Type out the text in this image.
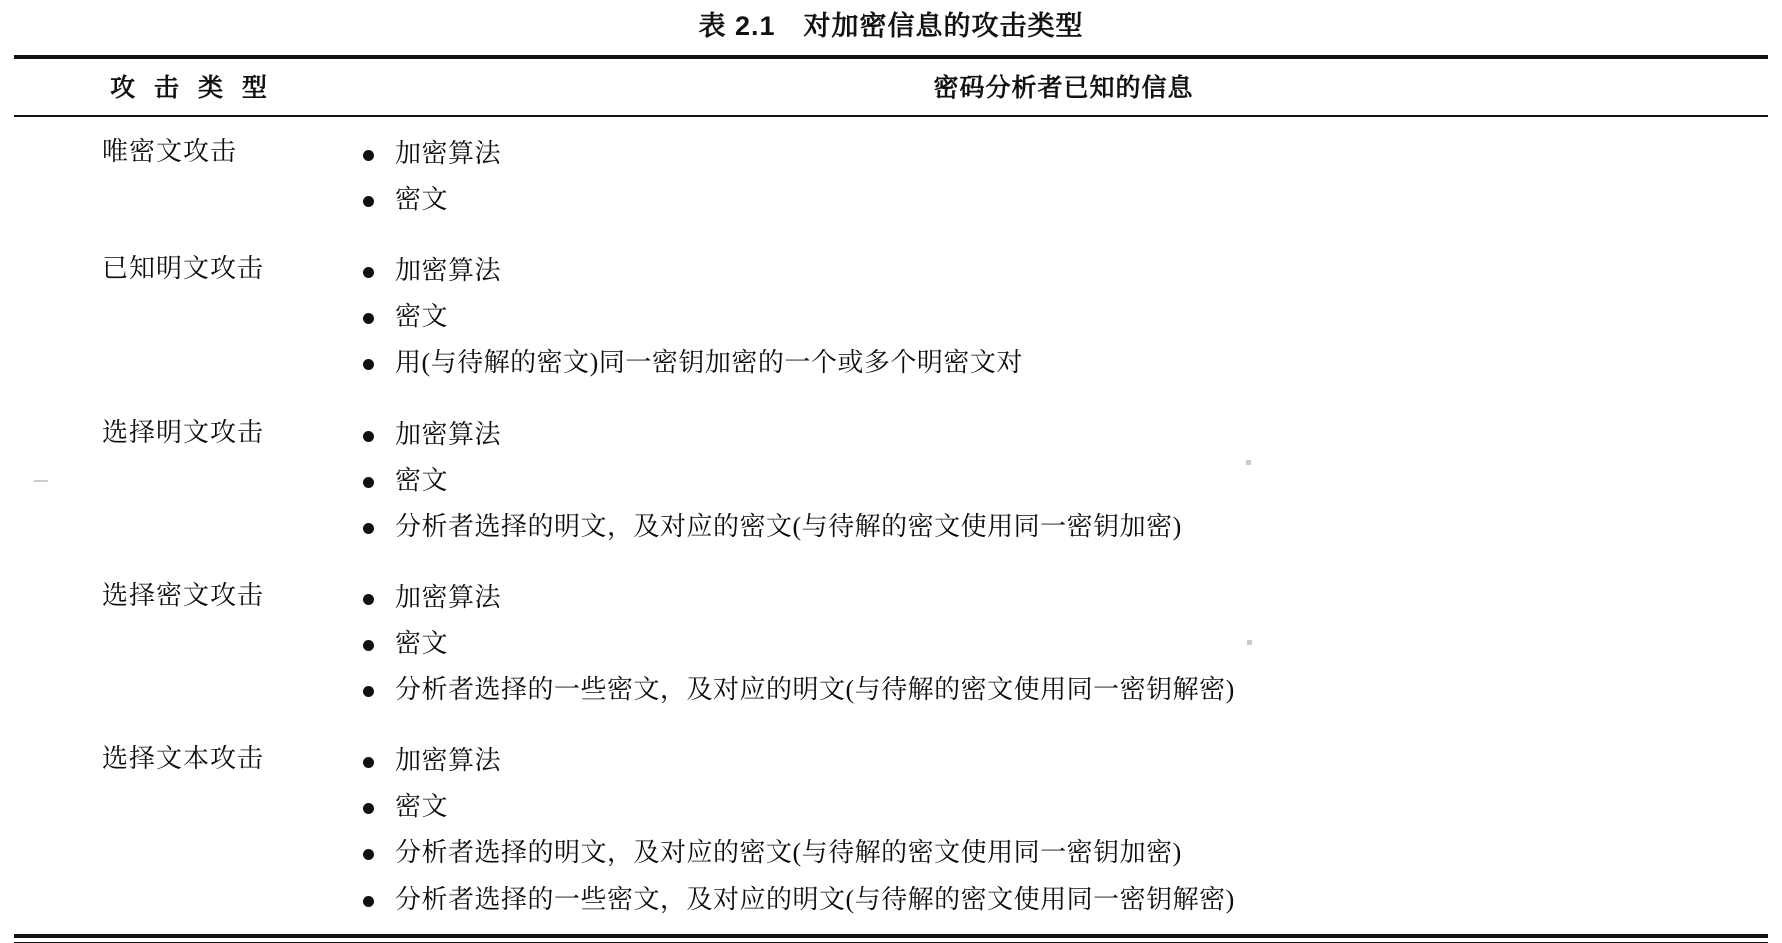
表 2.1　对加密信息的攻击类型
攻 击 类 型	密码分析者已知的信息
唯密文攻击	加密算法
密文

已知明文攻击	加密算法
密文
用(与待解的密文)同一密钥加密的一个或多个明密文对

选择明文攻击	加密算法
密文
分析者选择的明文，及对应的密文(与待解的密文使用同一密钥加密)

选择密文攻击	加密算法
密文
分析者选择的一些密文，及对应的明文(与待解的密文使用同一密钥解密)

选择文本攻击	加密算法
密文
分析者选择的明文，及对应的密文(与待解的密文使用同一密钥加密)
分析者选择的一些密文，及对应的明文(与待解的密文使用同一密钥解密)
